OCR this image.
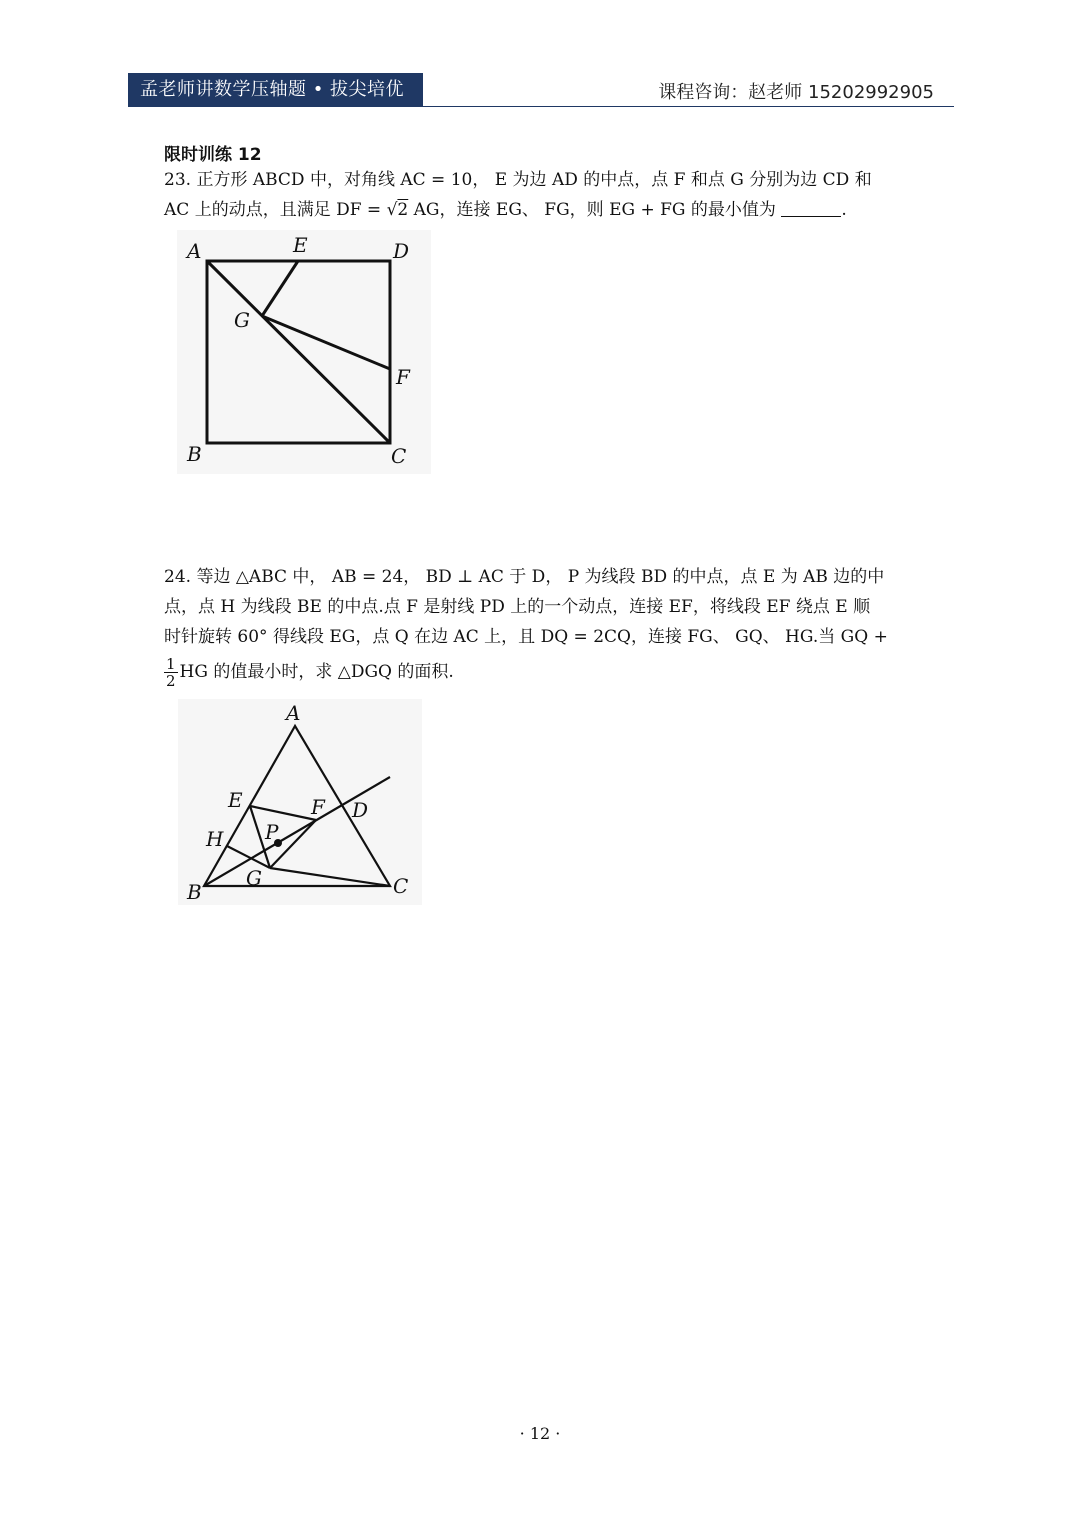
孟老师讲数学压轴题 • 拔尖培优	课程咨询：赵老师 15202992905
限时训练 12
23. 正方形 ABCD 中，对角线 AC = 10， E 为边 AD 的中点，点 F 和点 G 分别为边 CD 和
AC 上的动点，且满足 DF = √2 AG，连接 EG、 FG，则 EG + FG 的最小值为	.
A	E	D
G
F
B	C
24. 等边 △ABC 中， AB = 24， BD ⊥ AC 于 D， P 为线段 BD 的中点，点 E 为 AB 边的中
点，点 H 为线段 BE 的中点.点 F 是射线 PD 上的一个动点，连接 EF，将线段 EF 绕点 E 顺
时针旋转 60° 得线段 EG，点 Q 在边 AC 上，且 DQ = 2CQ，连接 FG、 GQ、 HG.当 GQ +
$\frac{1}{2}$ HG 的值最小时，求 △DGQ 的面积.
A
E	F D
H P
B
G	C
· 12 ·
